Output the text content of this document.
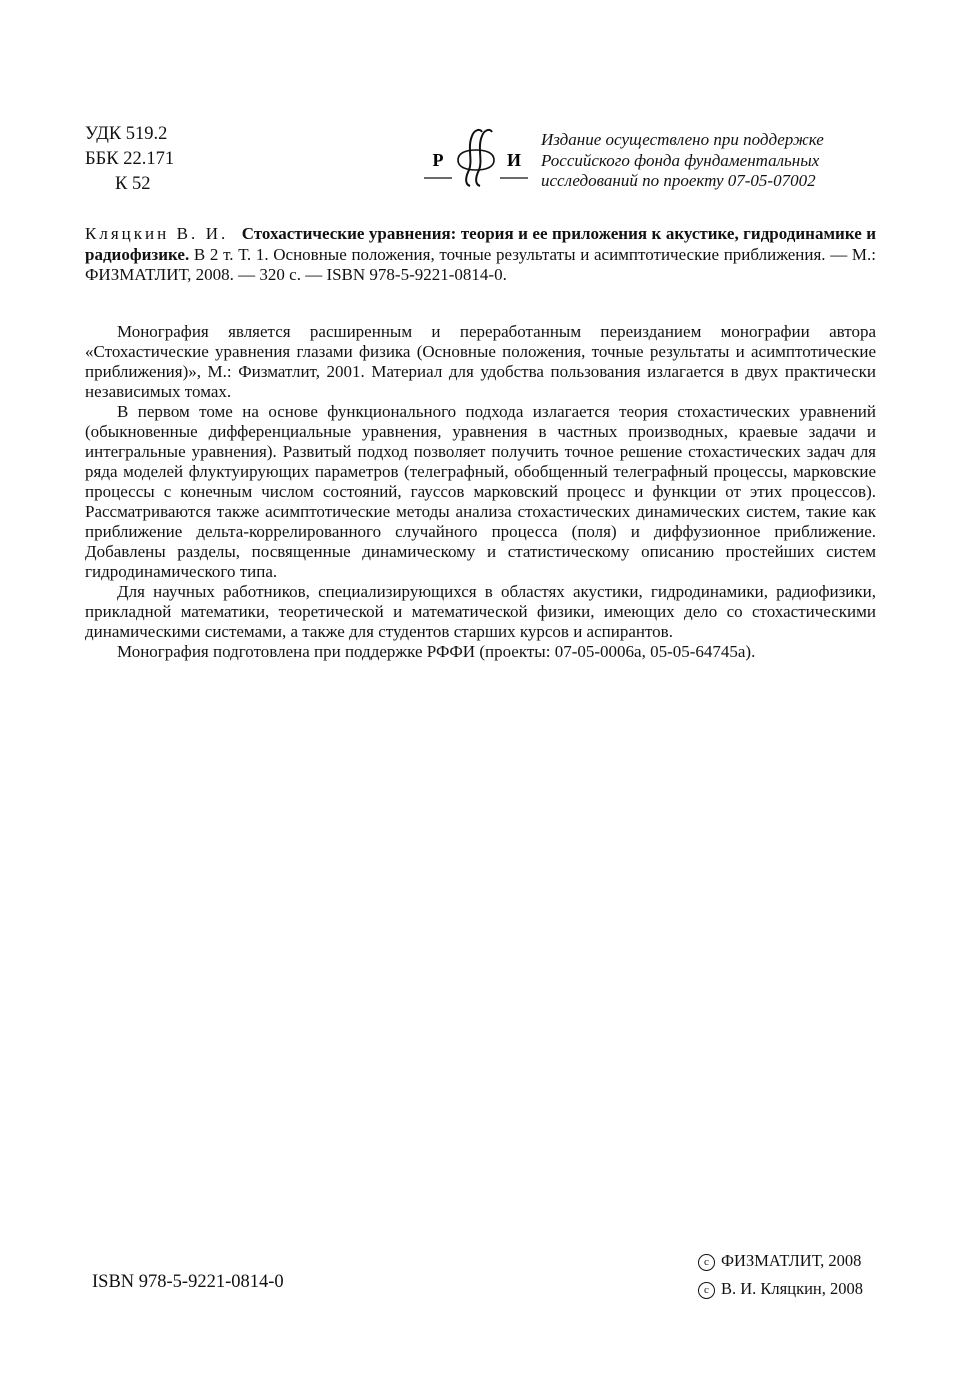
УДК 519.2
ББК 22.171
К 52
Р	И
ФФ	Издание осуществлено при поддержке
Российского фонда фундаментальных
исследований по проекту 07-05-07002
Кляцкин В. И. Стохастические уравнения: теория и ее приложения к акустике, гидродинамике и радиофизике. В 2 т. Т. 1. Основные положения, точные результаты и асимптотические приближения. — М.: ФИЗМАТЛИТ, 2008. — 320 с. — ISBN 978-5-9221-0814-0.

Монография является расширенным и переработанным переизданием монографии автора «Стохастические уравнения глазами физика (Основные положения, точные результаты и асимптотические приближения)», М.: Физматлит, 2001. Материал для удобства пользования излагается в двух практически независимых томах.

В первом томе на основе функционального подхода излагается теория стохастических уравнений (обыкновенные дифференциальные уравнения, уравнения в частных производных, краевые задачи и интегральные уравнения). Развитый подход позволяет получить точное решение стохастических задач для ряда моделей флуктуирующих параметров (телеграфный, обобщенный телеграфный процессы, марковские процессы с конечным числом состояний, гауссов марковский процесс и функции от этих процессов). Рассматриваются также асимптотические методы анализа стохастических динамических систем, такие как приближение дельта-коррелированного случайного процесса (поля) и диффузионное приближение. Добавлены разделы, посвященные динамическому и статистическому описанию простейших систем гидродинамического типа.

Для научных работников, специализирующихся в областях акустики, гидродинамики, радиофизики, прикладной математики, теоретической и математической физики, имеющих дело со стохастическими динамическими системами, а также для студентов старших курсов и аспирантов.

Монография подготовлена при поддержке РФФИ (проекты: 07-05-0006а, 05-05-64745а).

ISBN 978-5-9221-0814-0
c ФИЗМАТЛИТ, 2008
c В. И. Кляцкин, 2008
